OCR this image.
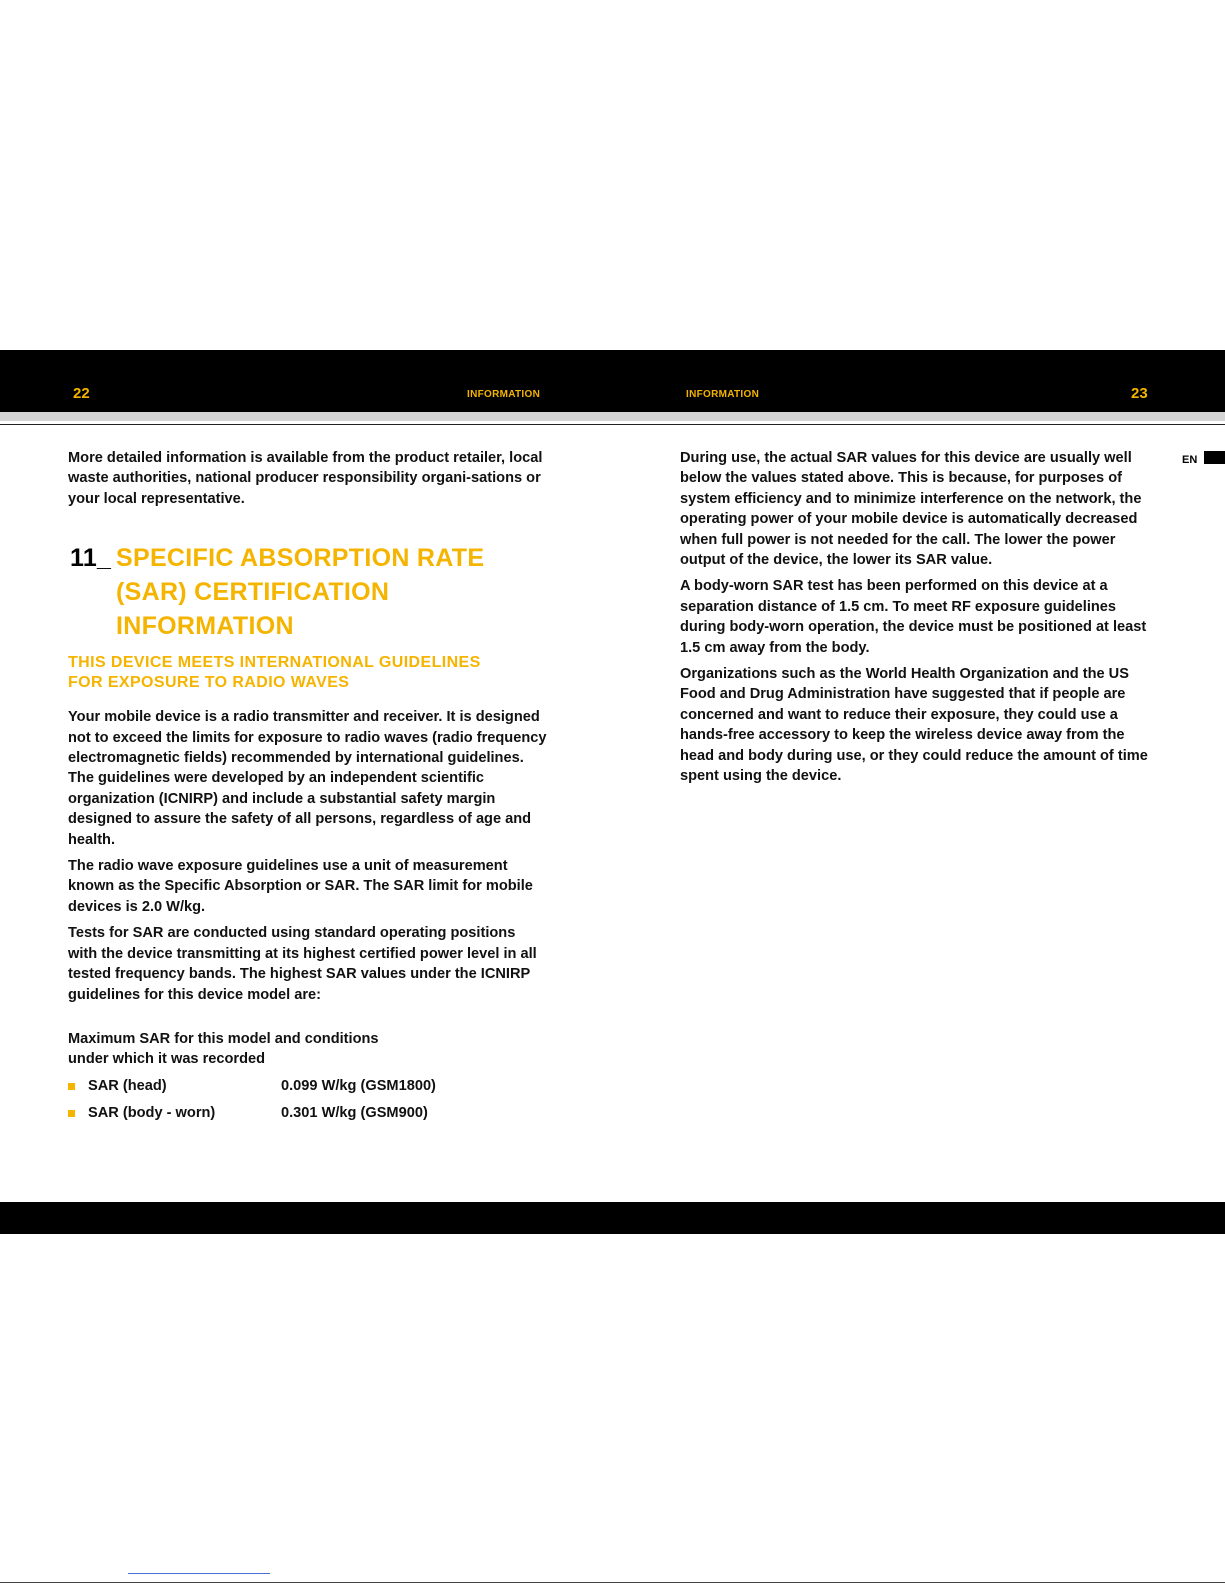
22	INFORMATION	INFORMATION	23
EN

More detailed information is available from the product retailer, local waste authorities, national producer responsibility organi-sations or your local representative.

11_ SPECIFIC ABSORPTION RATE
(SAR) CERTIFICATION
INFORMATION
THIS DEVICE MEETS INTERNATIONAL GUIDELINES
FOR EXPOSURE TO RADIO WAVES

Your mobile device is a radio transmitter and receiver. It is designed not to exceed the limits for exposure to radio waves (radio frequency electromagnetic fields) recommended by international guidelines. The guidelines were developed by an independent scientific organization (ICNIRP) and include a substantial safety margin designed to assure the safety of all persons, regardless of age and health.

The radio wave exposure guidelines use a unit of measurement known as the Specific Absorption or SAR. The SAR limit for mobile devices is 2.0 W/kg.

Tests for SAR are conducted using standard operating positions with the device transmitting at its highest certified power level in all tested frequency bands. The highest SAR values under the ICNIRP guidelines for this device model are:

Maximum SAR for this model and conditions
under which it was recorded
SAR (head)	0.099 W/kg (GSM1800)
SAR (body - worn)	0.301 W/kg (GSM900)

During use, the actual SAR values for this device are usually well below the values stated above. This is because, for purposes of system efficiency and to minimize interference on the network, the operating power of your mobile device is automatically decreased when full power is not needed for the call. The lower the power output of the device, the lower its SAR value.

A body-worn SAR test has been performed on this device at a separation distance of 1.5 cm. To meet RF exposure guidelines during body-worn operation, the device must be positioned at least 1.5 cm away from the body.

Organizations such as the World Health Organization and the US Food and Drug Administration have suggested that if people are concerned and want to reduce their exposure, they could use a hands-free accessory to keep the wireless device away from the head and body during use, or they could reduce the amount of time spent using the device.
